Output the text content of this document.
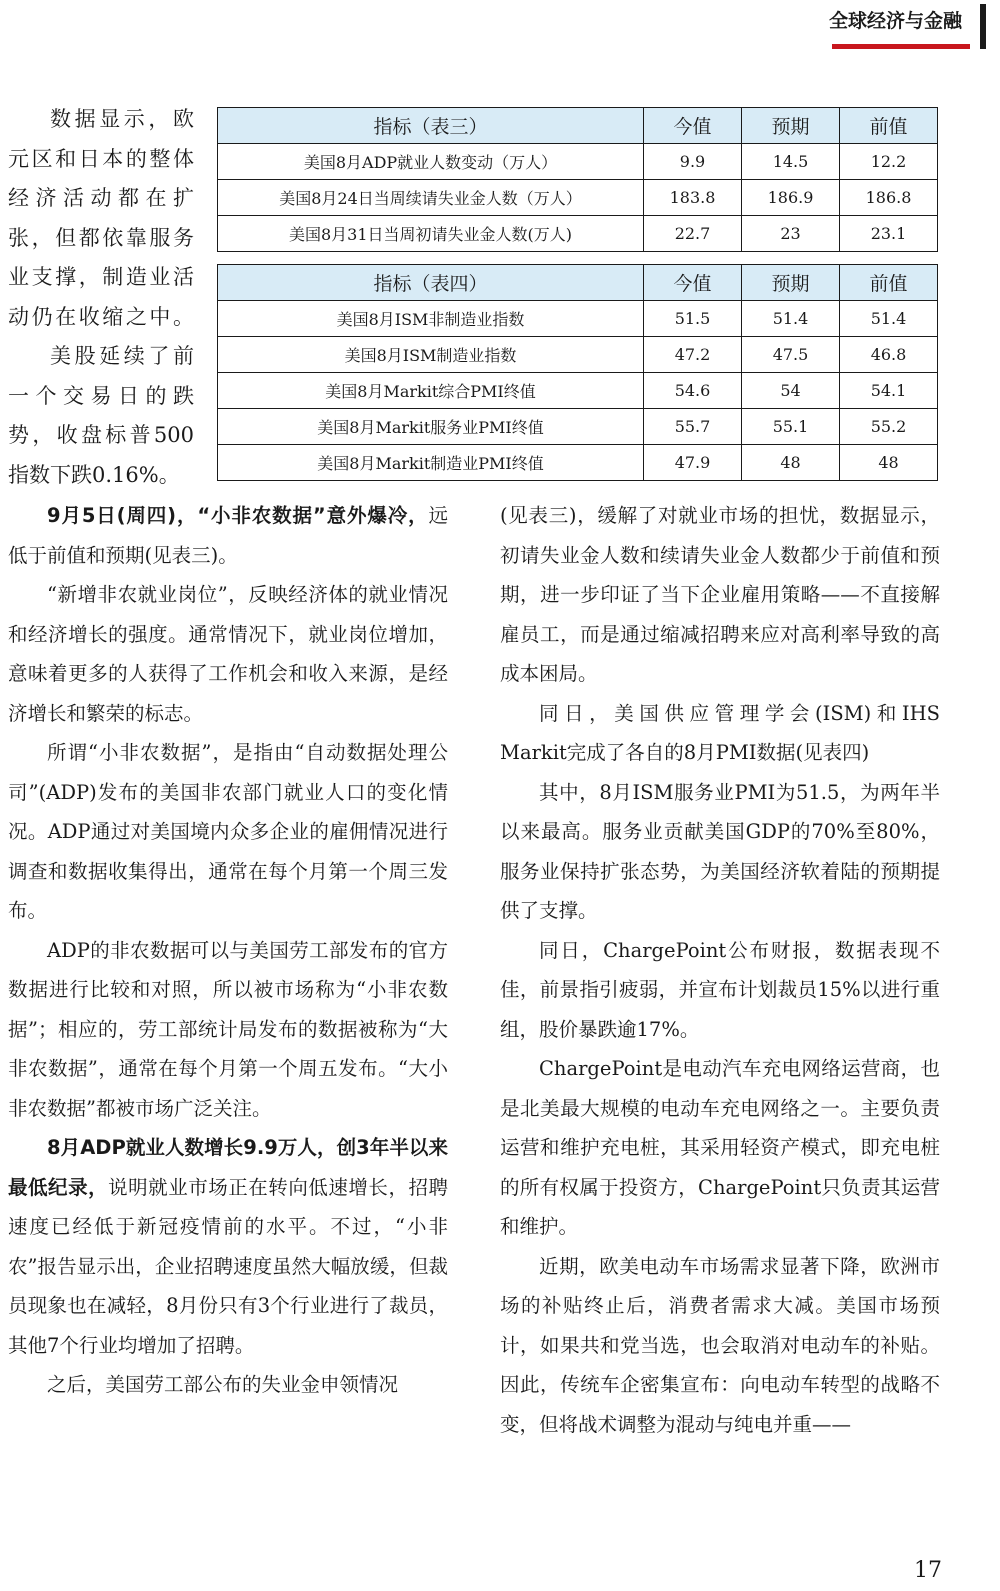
全球经济与金融

数据显示，欧元区和日本的整体经济活动都在扩张，但都依靠服务业支撑，制造业活动仍在收缩之中。

美股延续了前一个交易日的跌势，收盘标普500指数下跌0.16%。

指标（表三）	今值	预期	前值
美国8月ADP就业人数变动（万人）	9.9	14.5	12.2
美国8月24日当周续请失业金人数（万人）	183.8	186.9	186.8
美国8月31日当周初请失业金人数(万人)	22.7	23	23.1
指标（表四）	今值	预期	前值
美国8月ISM非制造业指数	51.5	51.4	51.4
美国8月ISM制造业指数	47.2	47.5	46.8
美国8月Markit综合PMI终值	54.6	54	54.1
美国8月Markit服务业PMI终值	55.7	55.1	55.2
美国8月Markit制造业PMI终值	47.9	48	48

9月5日(周四)，“小非农数据”意外爆冷，远低于前值和预期(见表三)。

“新增非农就业岗位”，反映经济体的就业情况和经济增长的强度。通常情况下，就业岗位增加，意味着更多的人获得了工作机会和收入来源，是经济增长和繁荣的标志。

所谓“小非农数据”，是指由“自动数据处理公司”(ADP)发布的美国非农部门就业人口的变化情况。ADP通过对美国境内众多企业的雇佣情况进行调查和数据收集得出，通常在每个月第一个周三发布。

ADP的非农数据可以与美国劳工部发布的官方数据进行比较和对照，所以被市场称为“小非农数据”；相应的，劳工部统计局发布的数据被称为“大非农数据”，通常在每个月第一个周五发布。“大小非农数据”都被市场广泛关注。

8月ADP就业人数增长9.9万人，创3年半以来最低纪录，说明就业市场正在转向低速增长，招聘速度已经低于新冠疫情前的水平。不过，“小非农”报告显示出，企业招聘速度虽然大幅放缓，但裁员现象也在减轻，8月份只有3个行业进行了裁员，其他7个行业均增加了招聘。

之后，美国劳工部公布的失业金申领情况

(见表三)，缓解了对就业市场的担忧，数据显示，初请失业金人数和续请失业金人数都少于前值和预期，进一步印证了当下企业雇用策略——不直接解雇员工，而是通过缩减招聘来应对高利率导致的高成本困局。

同日，美国供应管理学会(ISM)和IHS Markit完成了各自的8月PMI数据(见表四)

其中，8月ISM服务业PMI为51.5，为两年半以来最高。服务业贡献美国GDP的70%至80%，服务业保持扩张态势，为美国经济软着陆的预期提供了支撑。

同日，ChargePoint公布财报，数据表现不佳，前景指引疲弱，并宣布计划裁员15%以进行重组，股价暴跌逾17%。

ChargePoint是电动汽车充电网络运营商，也是北美最大规模的电动车充电网络之一。主要负责运营和维护充电桩，其采用轻资产模式，即充电桩的所有权属于投资方，ChargePoint只负责其运营和维护。

近期，欧美电动车市场需求显著下降，欧洲市场的补贴终止后，消费者需求大减。美国市场预计，如果共和党当选，也会取消对电动车的补贴。因此，传统车企密集宣布：向电动车转型的战略不变，但将战术调整为混动与纯电并重——

17
